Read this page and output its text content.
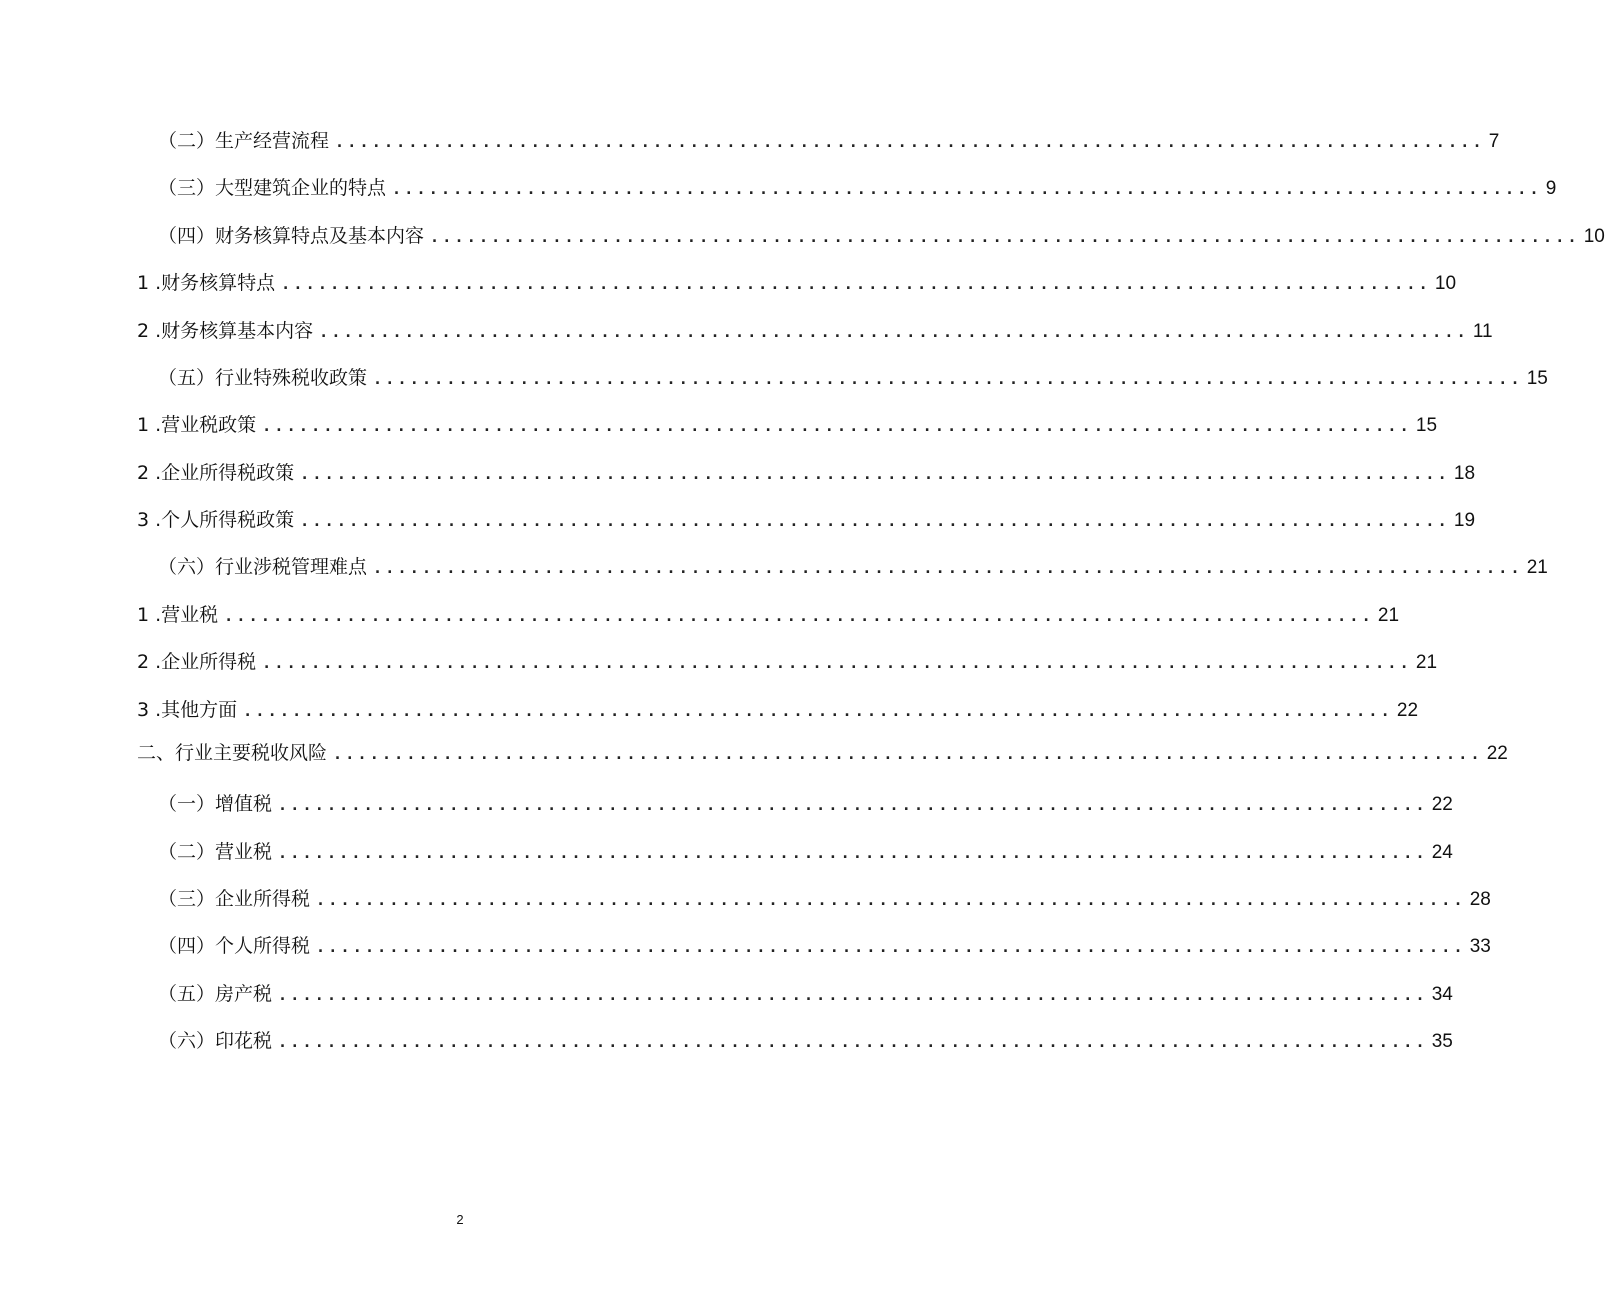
（二）生产经营流程 .............................................................................................. 7
（三）大型建筑企业的特点 .............................................................................................. 9
（四）财务核算特点及基本内容 .............................................................................................. 10
1 .财务核算特点 .............................................................................................. 10
2 .财务核算基本内容 .............................................................................................. 11
（五）行业特殊税收政策 .............................................................................................. 15
1 .营业税政策 .............................................................................................. 15
2 .企业所得税政策 .............................................................................................. 18
3 .个人所得税政策 .............................................................................................. 19
（六）行业涉税管理难点 .............................................................................................. 21
1 .营业税 .............................................................................................. 21
2 .企业所得税 .............................................................................................. 21
3 .其他方面 .............................................................................................. 22
二、行业主要税收风险 .............................................................................................. 22
（一）增值税 .............................................................................................. 22
（二）营业税 .............................................................................................. 24
（三）企业所得税 .............................................................................................. 28
（四）个人所得税 .............................................................................................. 33
（五）房产税 .............................................................................................. 34
（六）印花税 .............................................................................................. 35
2
